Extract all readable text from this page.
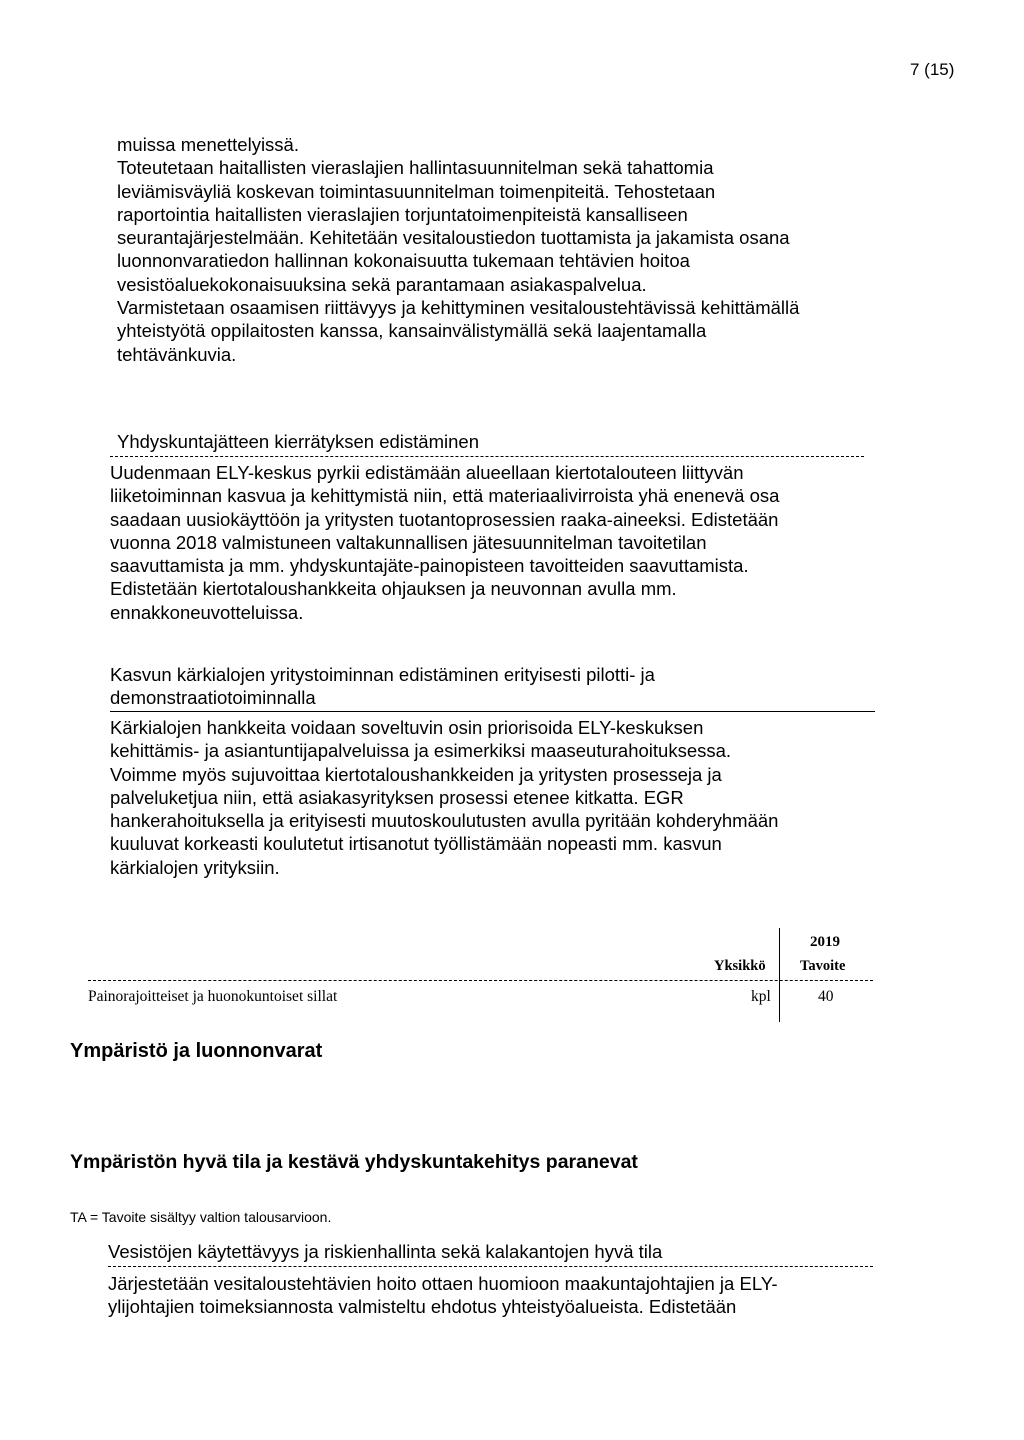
7 (15)
muissa menettelyissä.
Toteutetaan haitallisten vieraslajien hallintasuunnitelman sekä tahattomia
leviämisväyliä koskevan toimintasuunnitelman toimenpiteitä. Tehostetaan
raportointia haitallisten vieraslajien torjuntatoimenpiteistä kansalliseen
seurantajärjestelmään. Kehitetään vesitaloustiedon tuottamista ja jakamista osana
luonnonvaratiedon hallinnan kokonaisuutta tukemaan tehtävien hoitoa
vesistöaluekokonaisuuksina sekä parantamaan asiakaspalvelua.
Varmistetaan osaamisen riittävyys ja kehittyminen vesitaloustehtävissä kehittämällä
yhteistyötä oppilaitosten kanssa, kansainvälistymällä sekä laajentamalla
tehtävänkuvia.
Yhdyskuntajätteen kierrätyksen edistäminen
Uudenmaan ELY-keskus pyrkii edistämään alueellaan kiertotalouteen liittyvän
liiketoiminnan kasvua ja kehittymistä niin, että materiaalivirroista yhä enenevä osa
saadaan uusiokäyttöön ja yritysten tuotantoprosessien raaka-aineeksi. Edistetään
vuonna 2018 valmistuneen valtakunnallisen jätesuunnitelman tavoitetilan
saavuttamista ja mm. yhdyskuntajäte-painopisteen tavoitteiden saavuttamista.
Edistetään kiertotaloushankkeita ohjauksen ja neuvonnan avulla mm.
ennakkoneuvotteluissa.
Kasvun kärkialojen yritystoiminnan edistäminen erityisesti pilotti- ja
demonstraatiotoiminnalla
Kärkialojen hankkeita voidaan soveltuvin osin priorisoida ELY-keskuksen
kehittämis- ja asiantuntijapalveluissa ja esimerkiksi maaseuturahoituksessa.
Voimme myös sujuvoittaa kiertotaloushankkeiden ja yritysten prosesseja ja
palveluketjua niin, että asiakasyrityksen prosessi etenee kitkatta. EGR
hankerahoituksella ja erityisesti muutoskoulutusten avulla pyritään kohderyhmään
kuuluvat korkeasti koulutetut irtisanotut työllistämään nopeasti mm. kasvun
kärkialojen yrityksiin.
2019
Yksikkö Tavoite
Painorajoitteiset ja huonokuntoiset sillat	kpl	40
Ympäristö ja luonnonvarat
Ympäristön hyvä tila ja kestävä yhdyskuntakehitys paranevat
TA = Tavoite sisältyy valtion talousarvioon.
Vesistöjen käytettävyys ja riskienhallinta sekä kalakantojen hyvä tila
Järjestetään vesitaloustehtävien hoito ottaen huomioon maakuntajohtajien ja ELY-
ylijohtajien toimeksiannosta valmisteltu ehdotus yhteistyöalueista. Edistetään
